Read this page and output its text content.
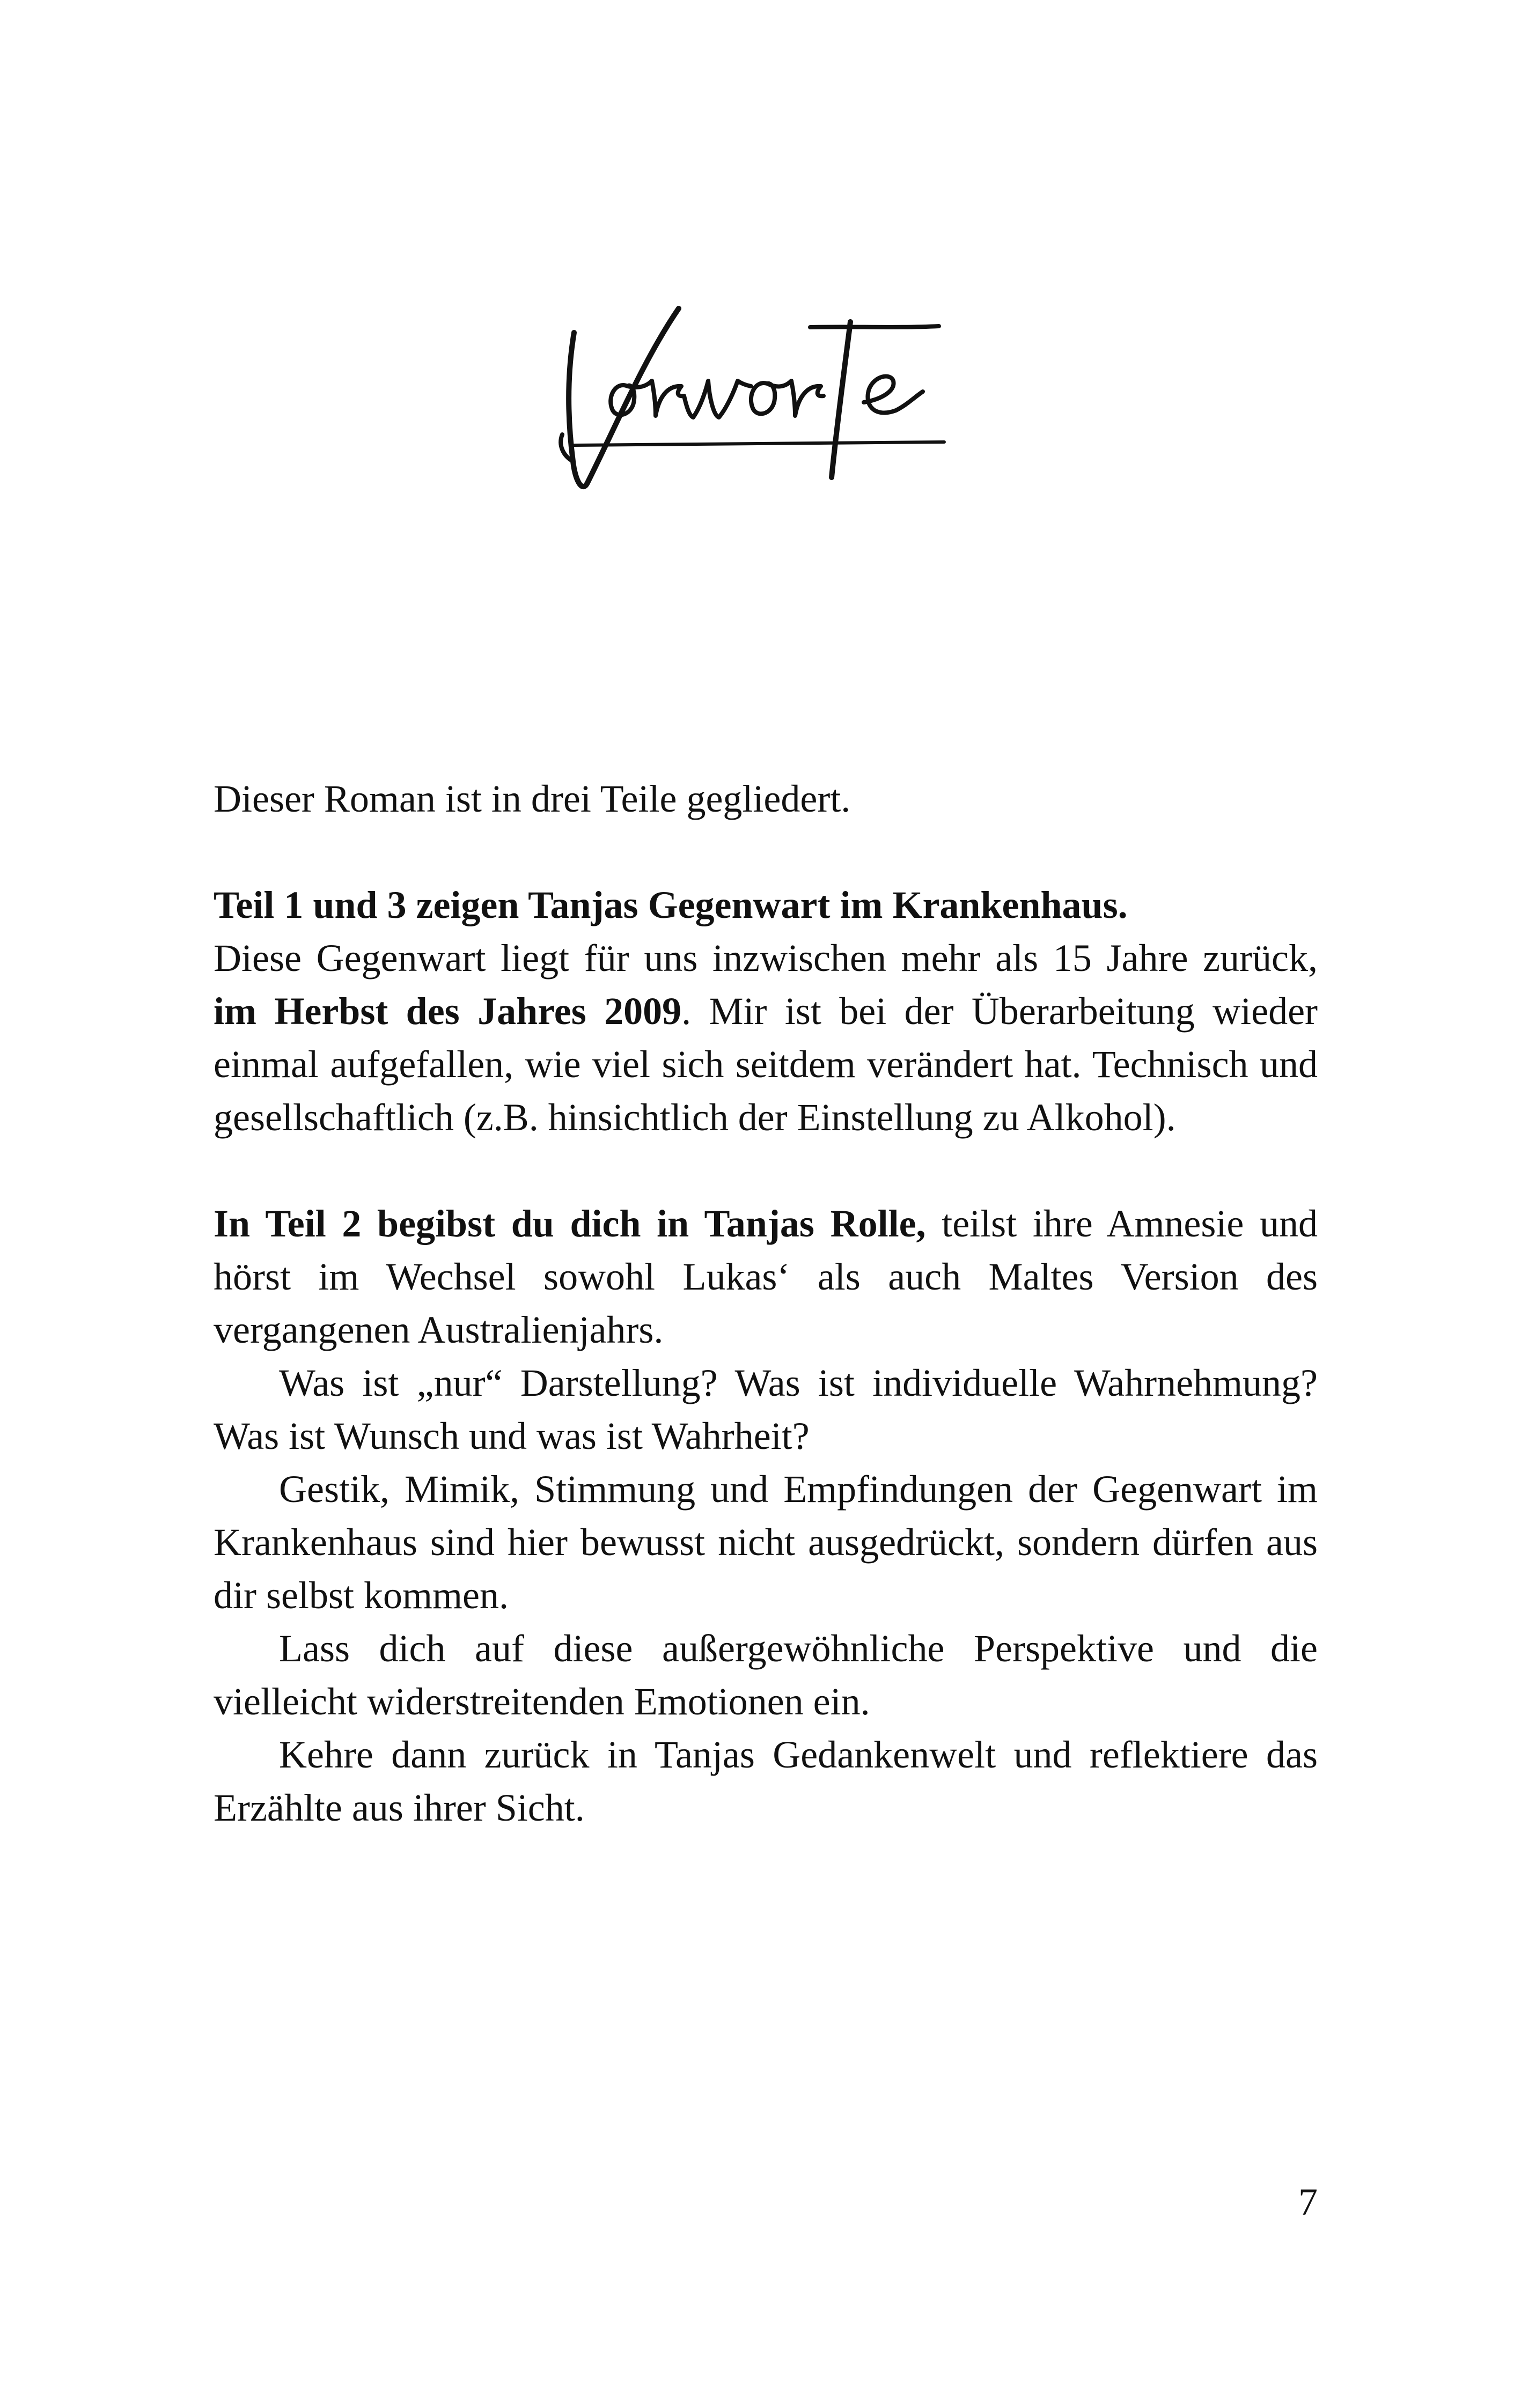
Dieser Roman ist in drei Teile gegliedert.

Teil 1 und 3 zeigen Tanjas Gegenwart im Krankenhaus.

Diese Gegenwart liegt für uns inzwischen mehr als 15 Jahre zurück, im Herbst des Jahres 2009. Mir ist bei der Überarbeitung wieder einmal aufgefallen, wie viel sich seitdem verändert hat. Technisch und gesellschaftlich (z.B. hinsichtlich der Einstellung zu Alkohol).

In Teil 2 begibst du dich in Tanjas Rolle, teilst ihre Amnesie und hörst im Wechsel sowohl Lukas‘ als auch Maltes Version des vergangenen Australienjahrs.

Was ist „nur“ Darstellung? Was ist individuelle Wahrnehmung? Was ist Wunsch und was ist Wahrheit?

Gestik, Mimik, Stimmung und Empfindungen der Gegenwart im Krankenhaus sind hier bewusst nicht ausgedrückt, sondern dürfen aus dir selbst kommen.

Lass dich auf diese außergewöhnliche Perspektive und die vielleicht widerstreitenden Emotionen ein.

Kehre dann zurück in Tanjas Gedankenwelt und reflektiere das Erzählte aus ihrer Sicht.

7
